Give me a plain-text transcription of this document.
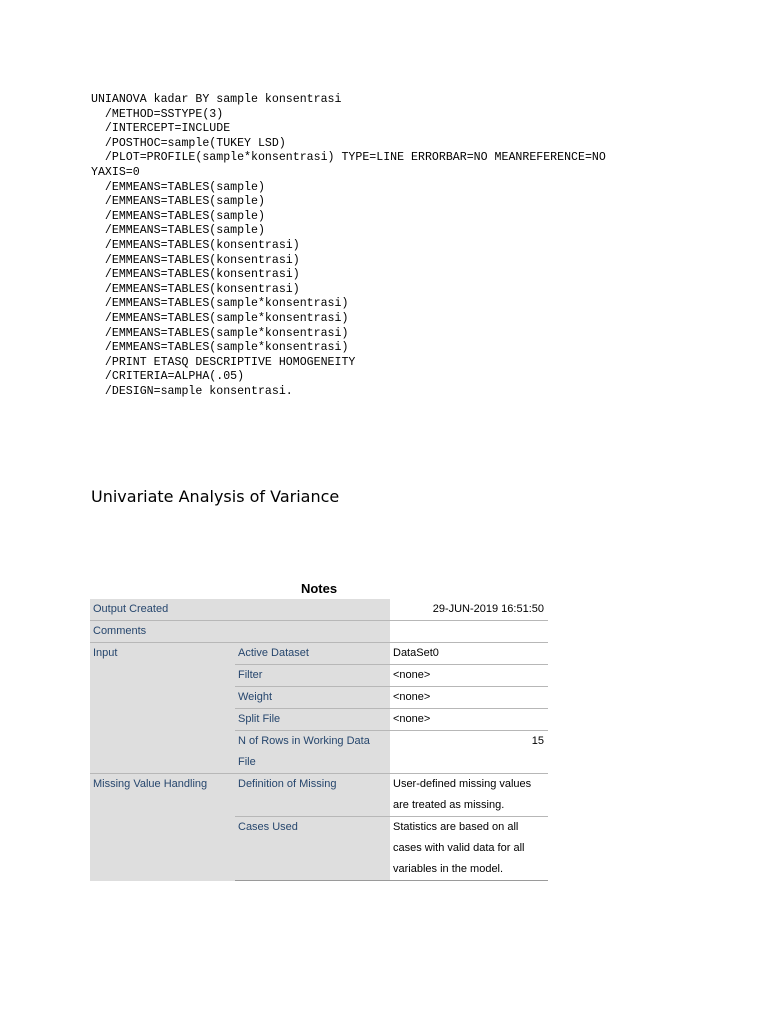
UNIANOVA kadar BY sample konsentrasi
/METHOD=SSTYPE(3)
/INTERCEPT=INCLUDE
/POSTHOC=sample(TUKEY LSD)
/PLOT=PROFILE(sample*konsentrasi) TYPE=LINE ERRORBAR=NO MEANREFERENCE=NO
YAXIS=0
/EMMEANS=TABLES(sample)
/EMMEANS=TABLES(sample)
/EMMEANS=TABLES(sample)
/EMMEANS=TABLES(sample)
/EMMEANS=TABLES(konsentrasi)
/EMMEANS=TABLES(konsentrasi)
/EMMEANS=TABLES(konsentrasi)
/EMMEANS=TABLES(konsentrasi)
/EMMEANS=TABLES(sample*konsentrasi)
/EMMEANS=TABLES(sample*konsentrasi)
/EMMEANS=TABLES(sample*konsentrasi)
/EMMEANS=TABLES(sample*konsentrasi)
/PRINT ETASQ DESCRIPTIVE HOMOGENEITY
/CRITERIA=ALPHA(.05)
/DESIGN=sample konsentrasi.
Univariate Analysis of Variance
Notes
Output Created		29-JUN-2019 16:51:50
Comments		
Input	Active Dataset	DataSet0
	Filter	<none>
	Weight	<none>
	Split File	<none>
	N of Rows in Working Data
File	15
Missing Value Handling	Definition of Missing	User-defined missing values
are treated as missing.
	Cases Used	Statistics are based on all
cases with valid data for all
variables in the model.
